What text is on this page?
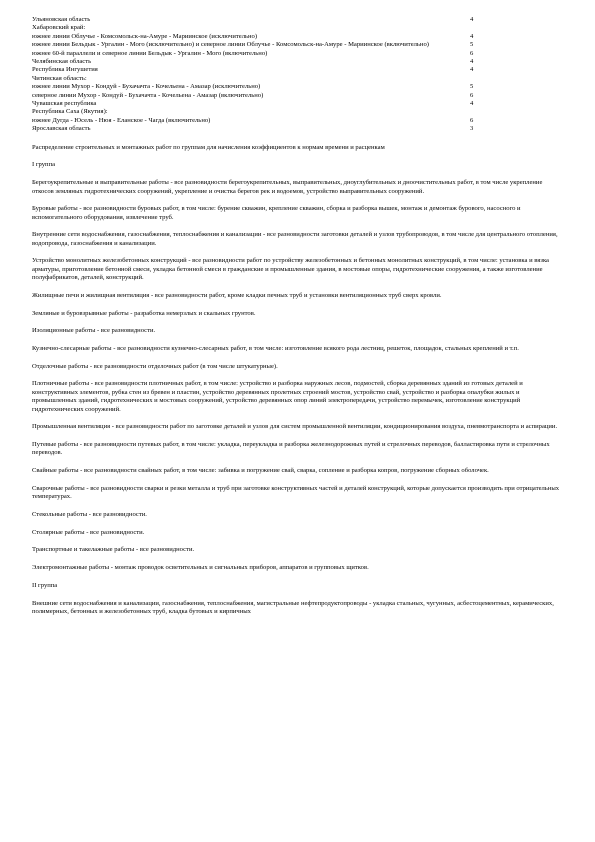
Ульяновская область	4
Хабаровский край:
южнее линии Облучье - Комсомольск-на-Амуре - Мариинское (исключительно)	4
южнее линии Бельдык - Ургалин - Мого (исключительно) и северное линии Облучье - Комсомольск-на-Амуре - Мариинское (включительно)	5
южнее 60-й параллели и северное линии Бельдык - Ургалин - Мого (включительно)	6
Челябинская область	4
Республика Ингушетия	4
Читинская область:
южнее линии Мухор - Кондуй - Бухачачта - Кочельена - Амазар (исключительно)	5
северное линии Мухор - Кондуй - Бухачачта - Кочельена - Амазар (включительно)	6
Чувашская республика	4
Республика Саха (Якутия):
южнее Дугда - Юсель - Нюя - Еланское - Чагда (включительно)	6
Ярославская область	3

Распределение строительных и монтажных работ по группам для начисления коэффициентов к нормам времени и расценкам

I группа

Берегоукрепительные и выправительные работы - все разновидности берегоукрепительных, выправительных, дноуглубительных и дноочистительных работ, в том числе укрепление откосов земляных гидротехнических сооружений, укрепление и очистка берегов рек и водоемов, устройство выправительных сооружений.

Буровые работы - все разновидности буровых работ, в том числе: бурение скважин, крепление скважин, сборка и разборка вышек, монтаж и демонтаж бурового, насосного и вспомогательного оборудования, извлечение труб.

Внутренние сети водоснабжения, газоснабжения, теплоснабжения и канализации - все разновидности заготовки деталей и узлов трубопроводов, в том числе для центрального отопления, водопровода, газоснабжения и канализации.

Устройство монолитных железобетонных конструкций - все разновидности работ по устройству железобетонных и бетонных монолитных конструкций, в том числе: установка и вязка арматуры, приготовление бетонной смеси, укладка бетонной смеси в гражданские и промышленные здания, в мостовые опоры, гидротехнические сооружения, а также изготовление полуфабрикатов, деталей, конструкций.

Жилищные печи и жилищная вентиляция - все разновидности работ, кроме кладки печных труб и установки вентиляционных труб сверх кровли.

Земляные и буровзрывные работы - разработка немерзлых и скальных грунтов.

Изоляционные работы - все разновидности.

Кузнечно-слесарные работы - все разновидности кузнечно-слесарных работ, в том числе: изготовление всякого рода лестниц, решеток, площадок, стальных креплений и т.п.

Отделочные работы - все разновидности отделочных работ (в том числе штукатурные).

Плотничные работы - все разновидности плотничных работ, в том числе: устройство и разборка наружных лесов, подмостей, сборка деревянных зданий из готовых деталей и конструктивных элементов, рубка стен из бревен и пластин, устройство деревянных пролетных строений мостов, устройство свай, устройство и разборка опалубки жилых и промышленных зданий, гидротехнических и мостовых сооружений, устройство деревянных опор линий электропередачи, устройство перемычек, изготовление конструкций гидротехнических сооружений.

Промышленная вентиляция - все разновидности работ по заготовке деталей и узлов для систем промышленной вентиляции, кондиционирования воздуха, пневмотранспорта и аспирации.

Путевые работы - все разновидности путевых работ, в том числе: укладка, переукладка и разборка железнодорожных путей и стрелочных переводов, балластировка пути и стрелочных переводов.

Свайные работы - все разновидности свайных работ, в том числе: забивка и погружение свай, сварка, сопление и разборка копров, погружение сборных оболочек.

Сварочные работы - все разновидности сварки и резки металла и труб при заготовке конструктивных частей и деталей конструкций, которые допускается производить при отрицательных температурах.

Стекольные работы - все разновидности.

Столярные работы - все разновидности.

Транспортные и такелажные работы - все разновидности.

Электромонтажные работы - монтаж проводок осветительных и сигнальных приборов, аппаратов и групповых щитков.

II группа

Внешние сети водоснабжения и канализации, газоснабжения, теплоснабжения, магистральные нефтепродуктопроводы - укладка стальных, чугунных, асбестоцементных, керамических, полимерных, бетонных и железобетонных труб, кладка бутовых и кирпичных
